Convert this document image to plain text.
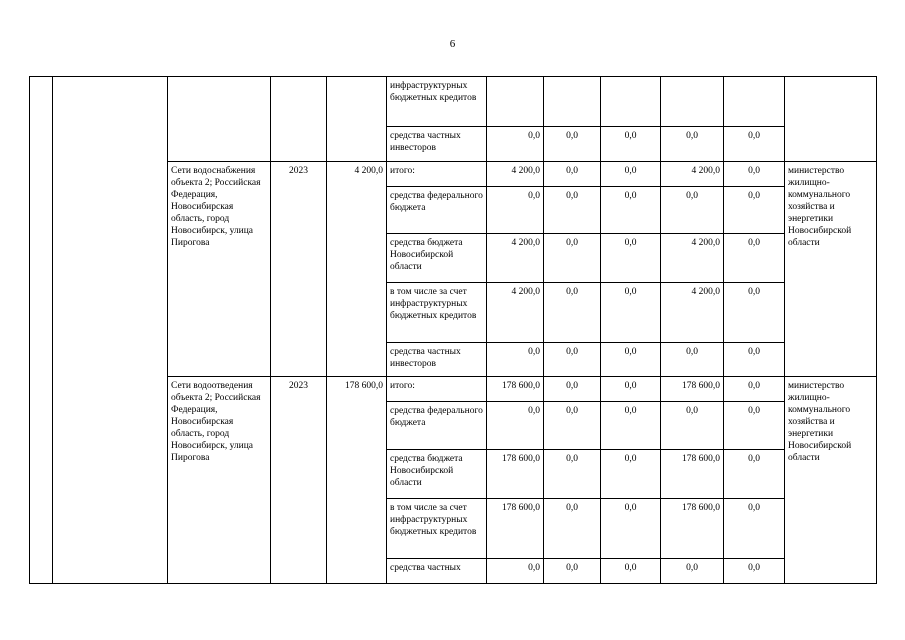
6
					инфраструктурных бюджетных кредитов						
					средства частных инвесторов	0,0	0,0	0,0	0,0	0,0	
		Сети водоснабжения объекта 2; Российская Федерация, Новосибирская область, город Новосибирск, улица Пирогова	2023	4 200,0	итого:	4 200,0	0,0	0,0	4 200,0	0,0	министерство жилищно-коммунального хозяйства и энергетики Новосибирской области
					средства федерального бюджета	0,0	0,0	0,0	0,0	0,0	
					средства бюджета Новосибирской области	4 200,0	0,0	0,0	4 200,0	0,0	
					в том числе за счет инфраструктурных бюджетных кредитов	4 200,0	0,0	0,0	4 200,0	0,0	
					средства частных инвесторов	0,0	0,0	0,0	0,0	0,0	
		Сети водоотведения объекта 2; Российская Федерация, Новосибирская область, город Новосибирск, улица Пирогова	2023	178 600,0	итого:	178 600,0	0,0	0,0	178 600,0	0,0	министерство жилищно-коммунального хозяйства и энергетики Новосибирской области
					средства федерального бюджета	0,0	0,0	0,0	0,0	0,0	
					средства бюджета Новосибирской области	178 600,0	0,0	0,0	178 600,0	0,0	
					в том числе за счет инфраструктурных бюджетных кредитов	178 600,0	0,0	0,0	178 600,0	0,0	
					средства частных	0,0	0,0	0,0	0,0	0,0	
